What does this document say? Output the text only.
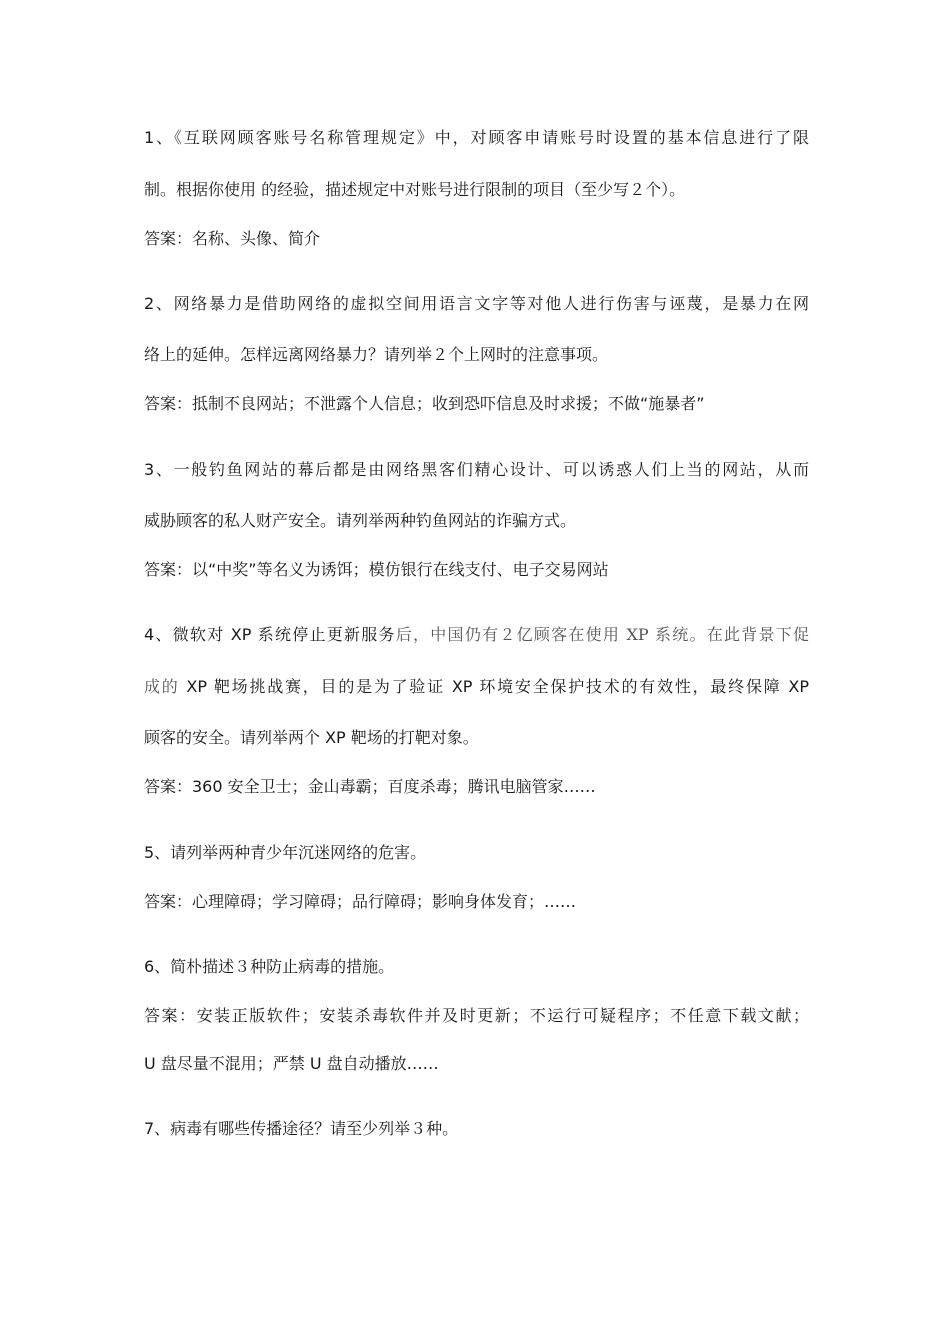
1、《互联网顾客账号名称管理规定》中，对顾客申请账号时设置的基本信息进行了限
制。根据你使用 的经验，描述规定中对账号进行限制的项目（至少写２个）。
答案：名称、头像、简介
2、网络暴力是借助网络的虚拟空间用语言文字等对他人进行伤害与诬蔑，是暴力在网
络上的延伸。怎样远离网络暴力？请列举２个上网时的注意事项。
答案：抵制不良网站；不泄露个人信息；收到恐吓信息及时求援；不做“施暴者”
3、一般钓鱼网站的幕后都是由网络黑客们精心设计、可以诱惑人们上当的网站，从而
威胁顾客的私人财产安全。请列举两种钓鱼网站的诈骗方式。
答案：以“中奖”等名义为诱饵；模仿银行在线支付、电子交易网站
4、微软对 XP 系统停止更新服务后，中国仍有２亿顾客在使用 XP 系统。在此背景下促
成的 XP 靶场挑战赛，目的是为了验证 XP 环境安全保护技术的有效性，最终保障 XP
顾客的安全。请列举两个 XP 靶场的打靶对象。
答案：360 安全卫士；金山毒霸；百度杀毒；腾讯电脑管家……
5、请列举两种青少年沉迷网络的危害。
答案：心理障碍；学习障碍；品行障碍；影响身体发育；……
6、简朴描述３种防止病毒的措施。
答案：安装正版软件；安装杀毒软件并及时更新；不运行可疑程序；不任意下载文献；
U 盘尽量不混用；严禁 U 盘自动播放……
7、病毒有哪些传播途径？请至少列举３种。
